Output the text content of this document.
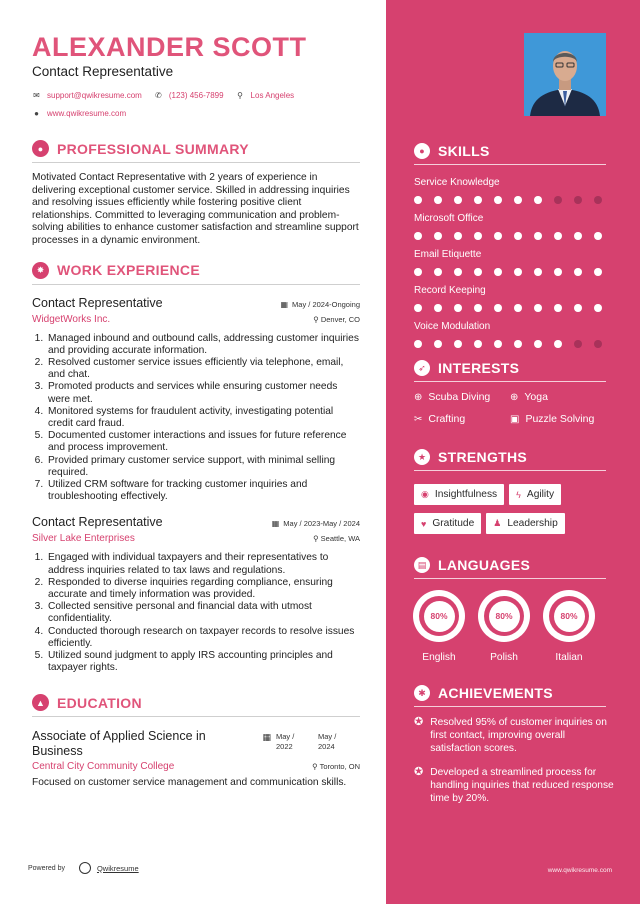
ALEXANDER SCOTT
Contact Representative
✉ support@qwikresume.com ✆ (123) 456-7899 ⚲ Los Angeles
● www.qwikresume.com
● PROFESSIONAL SUMMARY
Motivated Contact Representative with 2 years of experience in delivering exceptional customer service. Skilled in addressing inquiries and resolving issues efficiently while fostering positive client relationships. Committed to leveraging communication and problem-solving abilities to enhance customer satisfaction and streamline support processes in a dynamic environment.
✸ WORK EXPERIENCE
Contact Representative	▦ May / 2024-Ongoing
WidgetWorks Inc.	⚲ Denver, CO
1. Managed inbound and outbound calls, addressing customer inquiries and providing accurate information.
2. Resolved customer service issues efficiently via telephone, email, and chat.
3. Promoted products and services while ensuring customer needs were met.
4. Monitored systems for fraudulent activity, investigating potential credit card fraud.
5. Documented customer interactions and issues for future reference and process improvement.
6. Provided primary customer service support, with minimal selling required.
7. Utilized CRM software for tracking customer inquiries and troubleshooting effectively.
Contact Representative	▦ May / 2023-May / 2024
Silver Lake Enterprises	⚲ Seattle, WA
1. Engaged with individual taxpayers and their representatives to address inquiries related to tax laws and regulations.
2. Responded to diverse inquiries regarding compliance, ensuring accurate and timely information was provided.
3. Collected sensitive personal and financial data with utmost confidentiality.
4. Conducted thorough research on taxpayer records to resolve issues efficiently.
5. Utilized sound judgment to apply IRS accounting principles and taxpayer rights.
▲ EDUCATION
Associate of Applied Science in Business
▦ May / 2022
May / 2024
Central City Community College	⚲ Toronto, ON
Focused on customer service management and communication skills.
Powered by	Qwikresume
● SKILLS
Service Knowledge
Microsoft Office
Email Etiquette
Record Keeping
Voice Modulation
➶ INTERESTS
⊕ Scuba Diving ⊕ Yoga
✂ Crafting	▣ Puzzle Solving
★ STRENGTHS
◉ Insightfulness ϟ Agility
♥ Gratitude ♟ Leadership
▤ LANGUAGES
80%
English
80%
Polish
80%
Italian
✱ ACHIEVEMENTS
✪ Resolved 95% of customer inquiries on first contact, improving overall satisfaction scores.
✪ Developed a streamlined process for handling inquiries that reduced response time by 20%.
www.qwikresume.com
